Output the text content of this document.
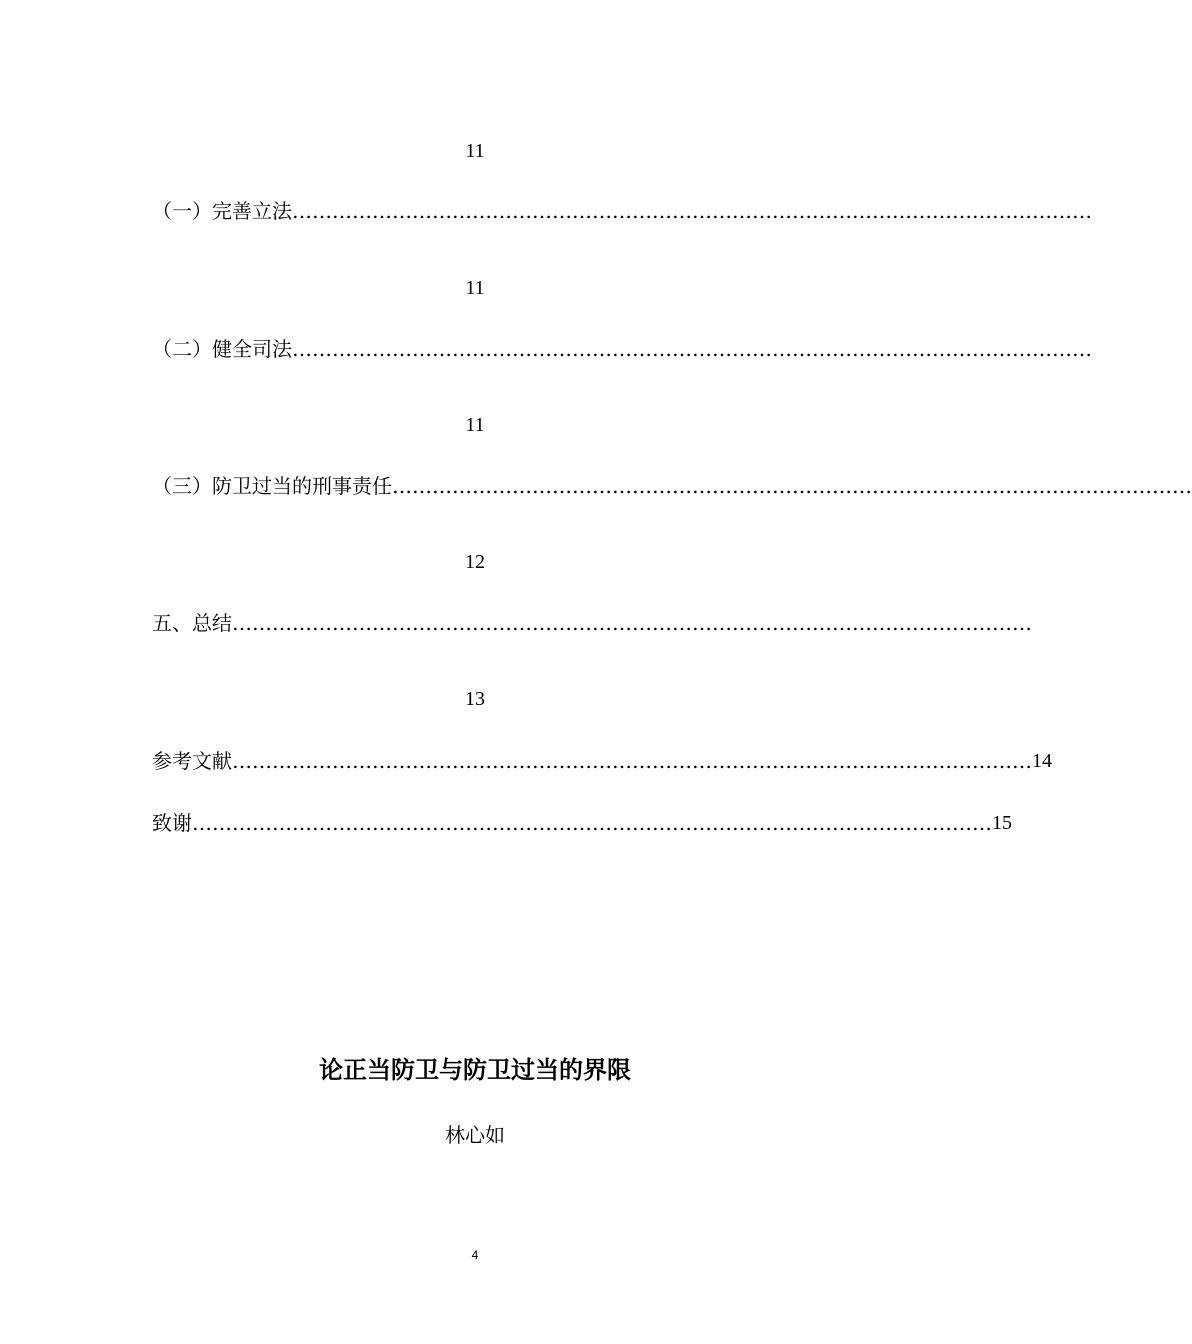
11
（一）完善立法 …………………………………………………………………………………………………………
11
（二）健全司法 …………………………………………………………………………………………………………
11
（三）防卫过当的刑事责任 …………………………………………………………………………………………………………
12
五、总结 …………………………………………………………………………………………………………
13
参考文献 ………………………………………………………………………………………………………… 14
致谢 ………………………………………………………………………………………………………… 15
论正当防卫与防卫过当的界限
林心如
4
